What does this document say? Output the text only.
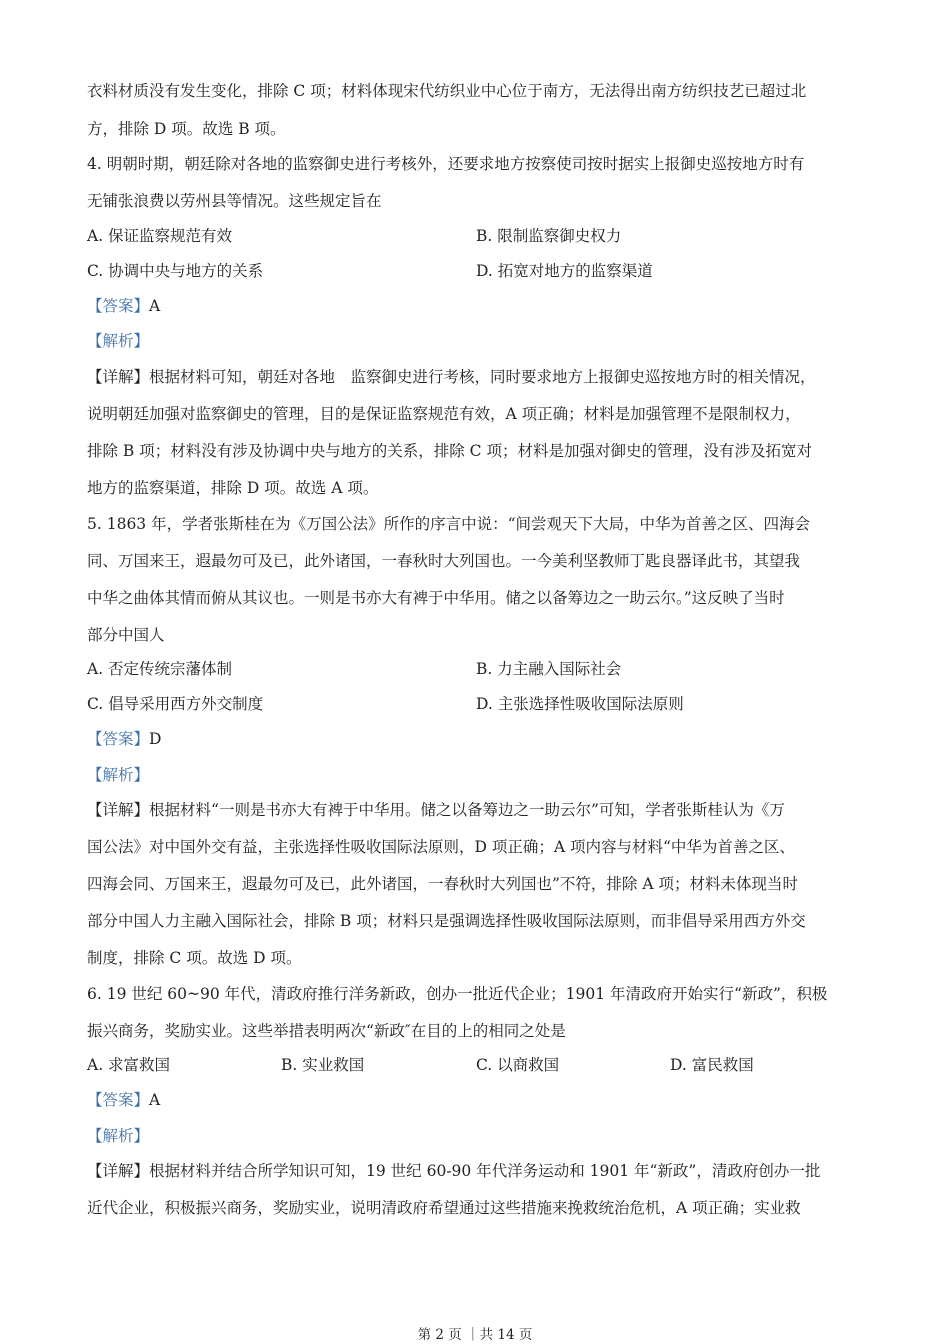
衣料材质没有发生变化，排除 C 项；材料体现宋代纺织业中心位于南方，无法得出南方纺织技艺已超过北
方，排除 D 项。故选 B 项。
4. 明朝时期，朝廷除对各地的监察御史进行考核外，还要求地方按察使司按时据实上报御史巡按地方时有
无铺张浪费以劳州县等情况。这些规定旨在
A. 保证监察规范有效	B. 限制监察御史权力
C. 协调中央与地方的关系	D. 拓宽对地方的监察渠道
【答案】A
【解析】
【详解】根据材料可知，朝廷对各地　监察御史进行考核，同时要求地方上报御史巡按地方时的相关情况，
说明朝廷加强对监察御史的管理，目的是保证监察规范有效，A 项正确；材料是加强管理不是限制权力，
排除 B 项；材料没有涉及协调中央与地方的关系，排除 C 项；材料是加强对御史的管理，没有涉及拓宽对
地方的监察渠道，排除 D 项。故选 A 项。
5. 1863 年，学者张斯桂在为《万国公法》所作的序言中说：“间尝观天下大局，中华为首善之区、四海会
同、万国来王，遐最勿可及已，此外诸国，一春秋时大列国也。一今美利坚教师丁匙良器译此书，其望我
中华之曲体其情而俯从其议也。一则是书亦大有裨于中华用。储之以备筹边之一助云尔。”这反映了当时
部分中国人
A. 否定传统宗藩体制	B. 力主融入国际社会
C. 倡导采用西方外交制度	D. 主张选择性吸收国际法原则
【答案】D
【解析】
【详解】根据材料“一则是书亦大有裨于中华用。储之以备筹边之一助云尔”可知，学者张斯桂认为《万
国公法》对中国外交有益，主张选择性吸收国际法原则，D 项正确；A 项内容与材料“中华为首善之区、
四海会同、万国来王，遐最勿可及已，此外诸国，一春秋时大列国也”不符，排除 A 项；材料未体现当时
部分中国人力主融入国际社会，排除 B 项；材料只是强调选择性吸收国际法原则，而非倡导采用西方外交
制度，排除 C 项。故选 D 项。
6. 19 世纪 60~90 年代，清政府推行洋务新政，创办一批近代企业；1901 年清政府开始实行“新政”，积极
振兴商务，奖励实业。这些举措表明两次“新政″在目的上的相同之处是
A. 求富救国	B. 实业救国	C. 以商救国	D. 富民救国
【答案】A
【解析】
【详解】根据材料并结合所学知识可知，19 世纪 60-90 年代洋务运动和 1901 年“新政”，清政府创办一批
近代企业，积极振兴商务，奖励实业，说明清政府希望通过这些措施来挽救统治危机，A 项正确；实业救
第 2 页 ｜共 14 页
